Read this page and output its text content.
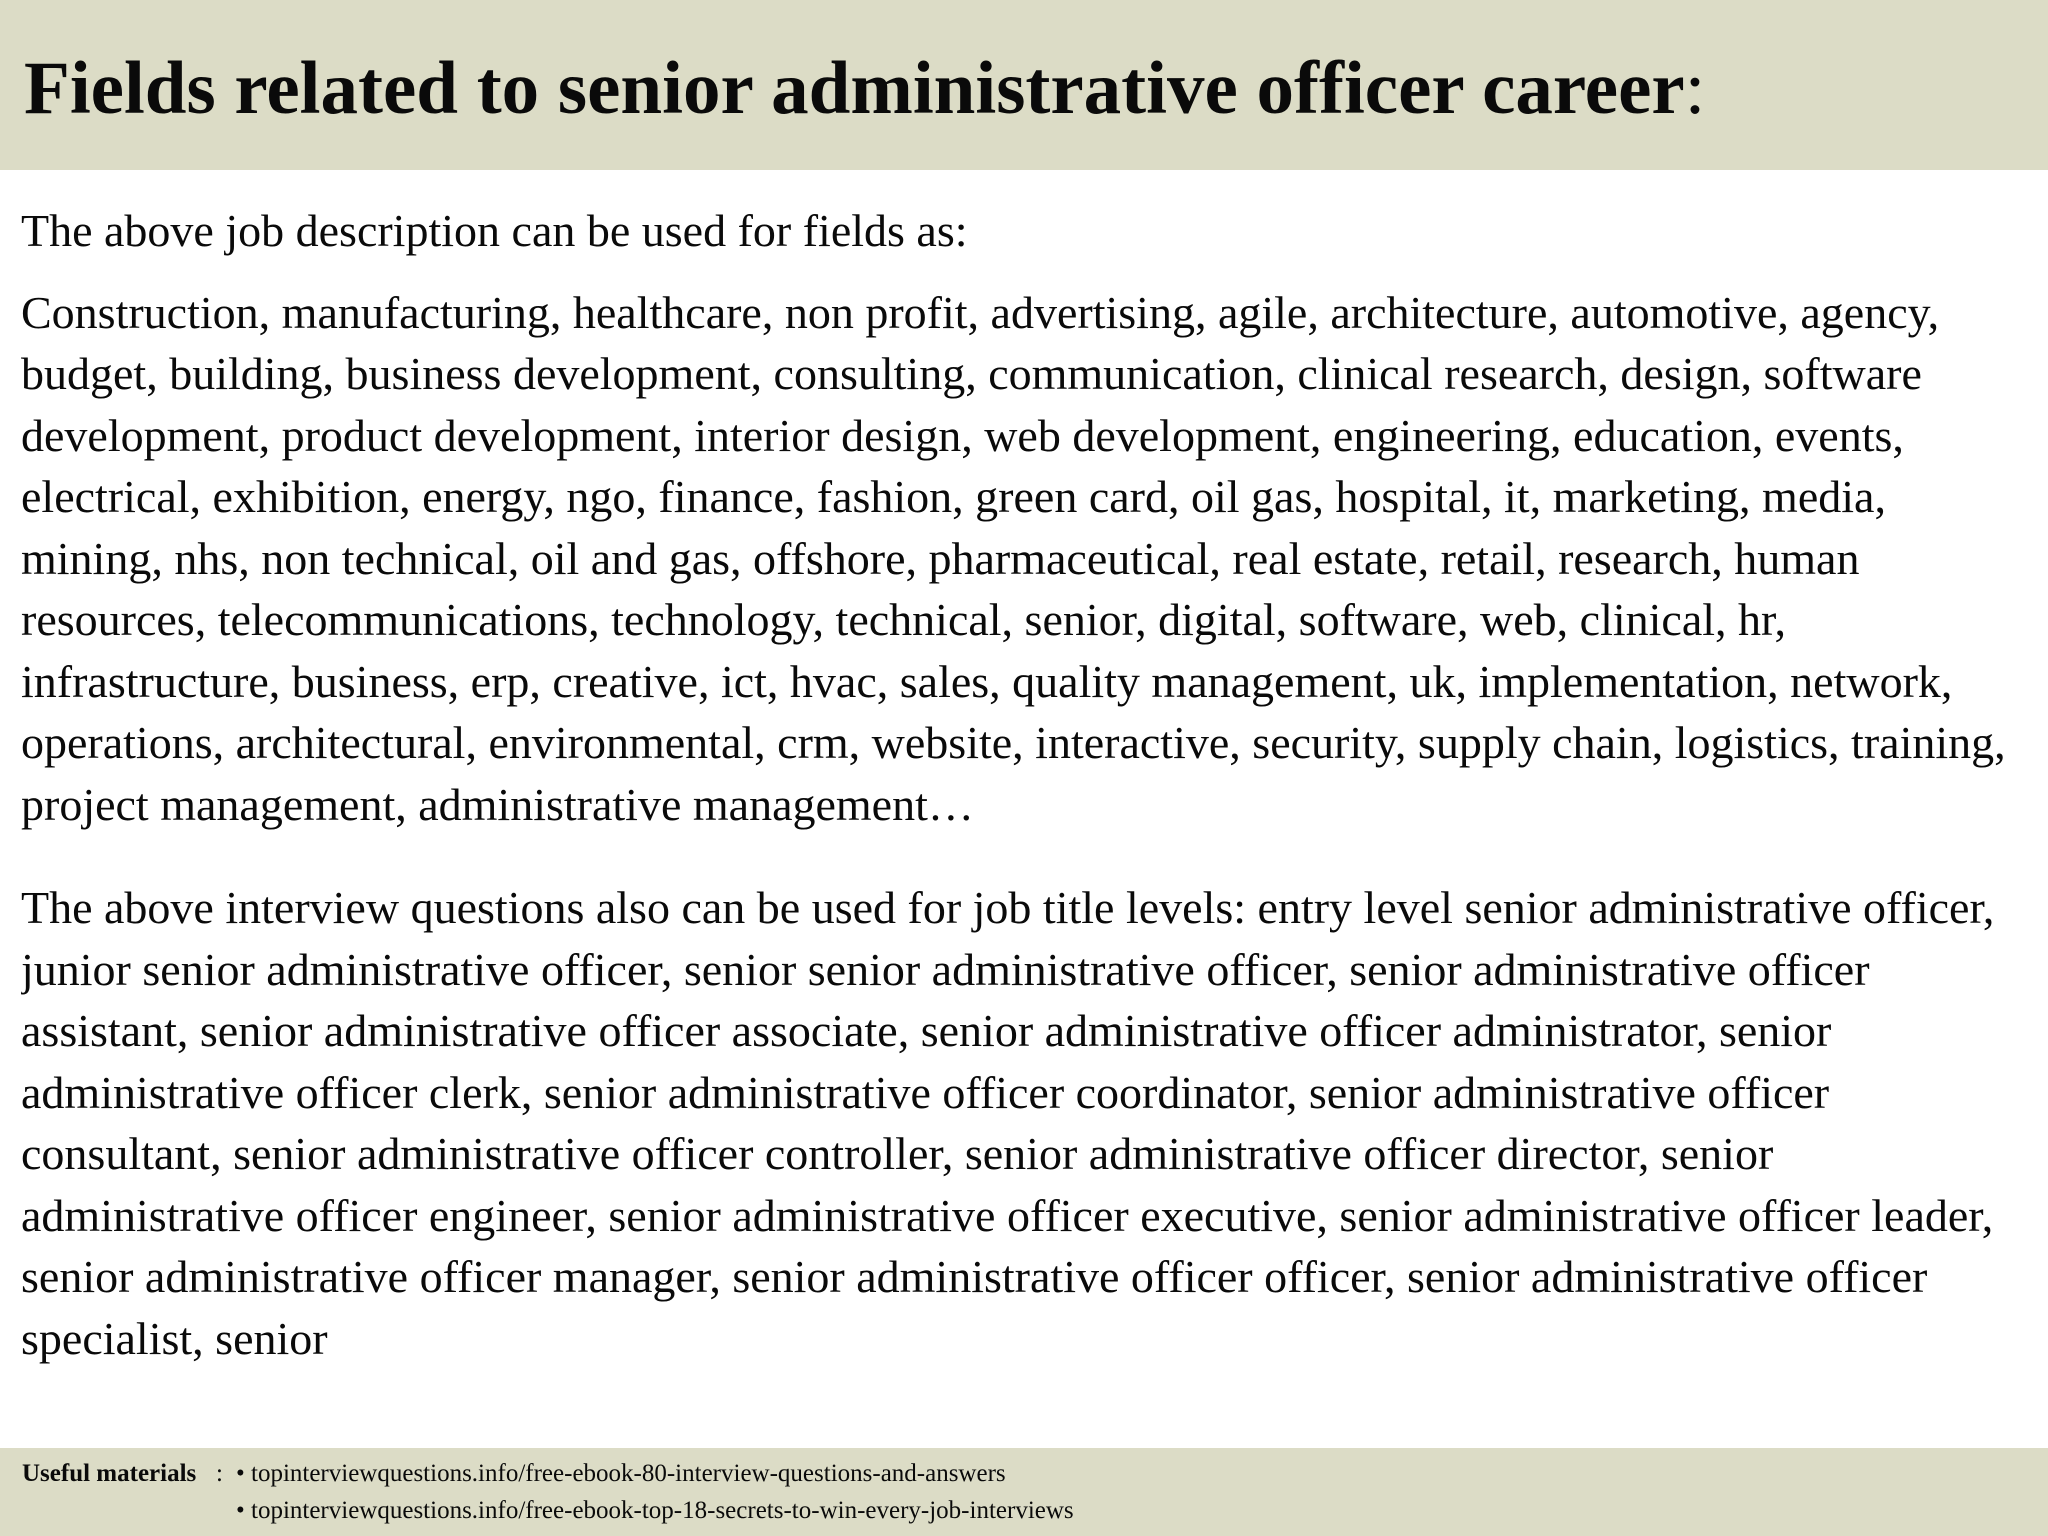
Fields related to senior administrative officer career:

The above job description can be used for fields as:

Construction, manufacturing, healthcare, non profit, advertising, agile, architecture, automotive, agency, budget, building, business development, consulting, communication, clinical research, design, software development, product development, interior design, web development, engineering, education, events, electrical, exhibition, energy, ngo, finance, fashion, green card, oil gas, hospital, it, marketing, media, mining, nhs, non technical, oil and gas, offshore, pharmaceutical, real estate, retail, research, human resources, telecommunications, technology, technical, senior, digital, software, web, clinical, hr, infrastructure, business, erp, creative, ict, hvac, sales, quality management, uk, implementation, network, operations, architectural, environmental, crm, website, interactive, security, supply chain, logistics, training, project management, administrative management…

The above interview questions also can be used for job title levels: entry level senior administrative officer, junior senior administrative officer, senior senior administrative officer, senior administrative officer assistant, senior administrative officer associate, senior administrative officer administrator, senior administrative officer clerk, senior administrative officer coordinator, senior administrative officer consultant, senior administrative officer controller, senior administrative officer director, senior administrative officer engineer, senior administrative officer executive, senior administrative officer leader, senior administrative officer manager, senior administrative officer officer, senior administrative officer specialist, senior

Useful materials : • topinterviewquestions.info/free-ebook-80-interview-questions-and-answers
• topinterviewquestions.info/free-ebook-top-18-secrets-to-win-every-job-interviews
